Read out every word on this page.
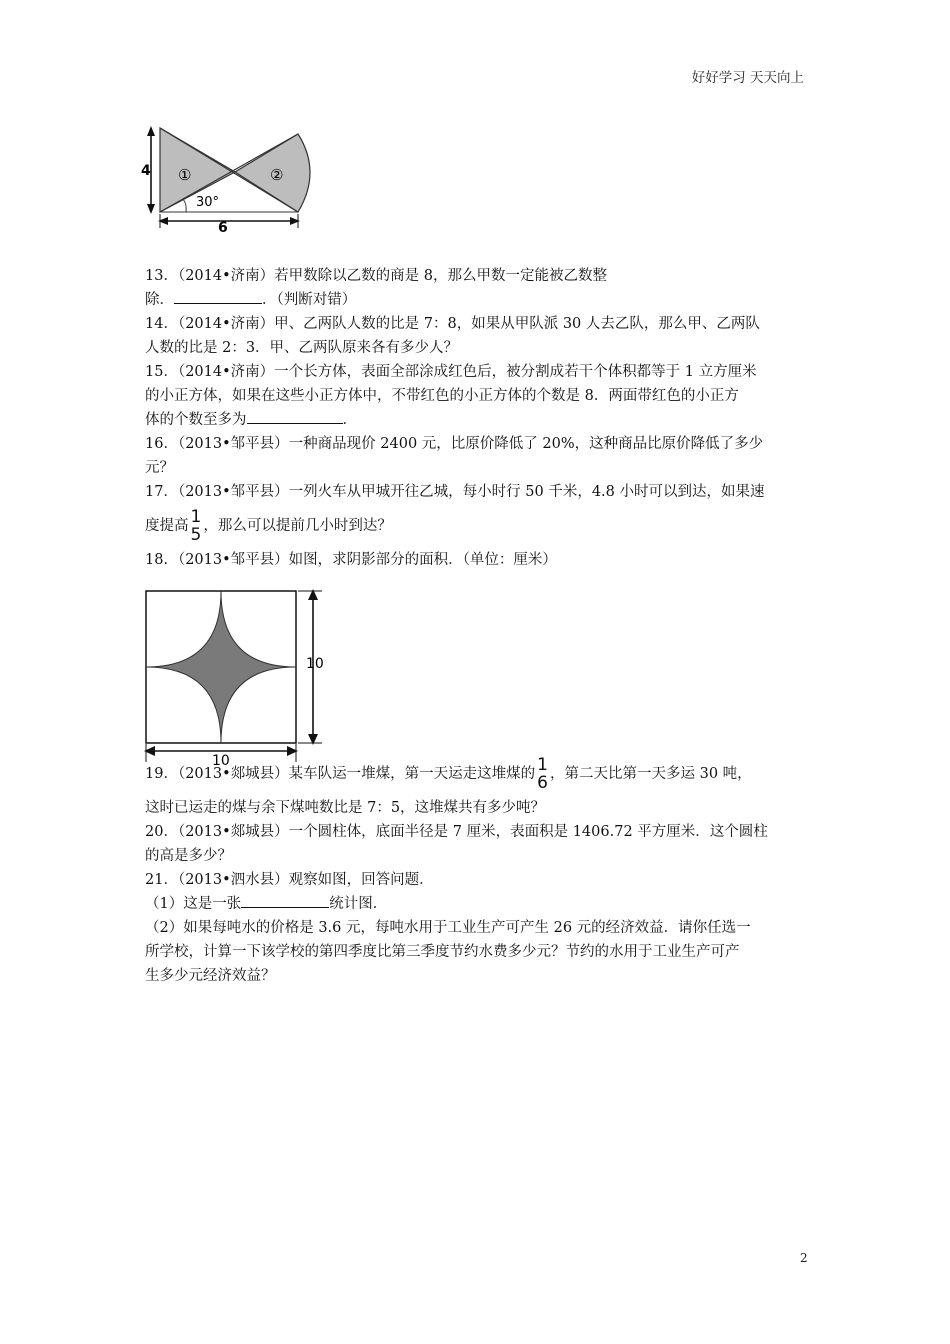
好好学习 天天向上
4
6
30°
①	②
13．（2014•济南）若甲数除以乙数的商是 8，那么甲数一定能被乙数整
除．	．（判断对错）
14．（2014•济南）甲、乙两队人数的比是 7：8，如果从甲队派 30 人去乙队，那么甲、乙两队
人数的比是 2：3．甲、乙两队原来各有多少人？
15．（2014•济南）一个长方体，表面全部涂成红色后，被分割成若干个体积都等于 1 立方厘米
的小正方体，如果在这些小正方体中，不带红色的小正方体的个数是 8．两面带红色的小正方
体的个数至多为	．
16．（2013•邹平县）一种商品现价 2400 元，比原价降低了 20%，这种商品比原价降低了多少
元？
17．（2013•邹平县）一列火车从甲城开往乙城，每小时行 50 千米，4.8 小时可以到达，如果速
度提高 1
5 ，那么可以提前几小时到达？
18．（2013•邹平县）如图，求阴影部分的面积．（单位：厘米）
19．（2013•郯城县）某车队运一堆煤，第一天运走这堆煤的 1
6 ，第二天比第一天多运 30 吨，
这时已运走的煤与余下煤吨数比是 7：5，这堆煤共有多少吨？
20．（2013•郯城县）一个圆柱体，底面半径是 7 厘米，表面积是 1406.72 平方厘米．这个圆柱
的高是多少？
21．（2013•泗水县）观察如图，回答问题．
（1）这是一张	统计图．
（2）如果每吨水的价格是 3.6 元，每吨水用于工业生产可产生 26 元的经济效益．请你任选一
所学校，计算一下该学校的第四季度比第三季度节约水费多少元？节约的水用于工业生产可产
生多少元经济效益？
10
10
2
